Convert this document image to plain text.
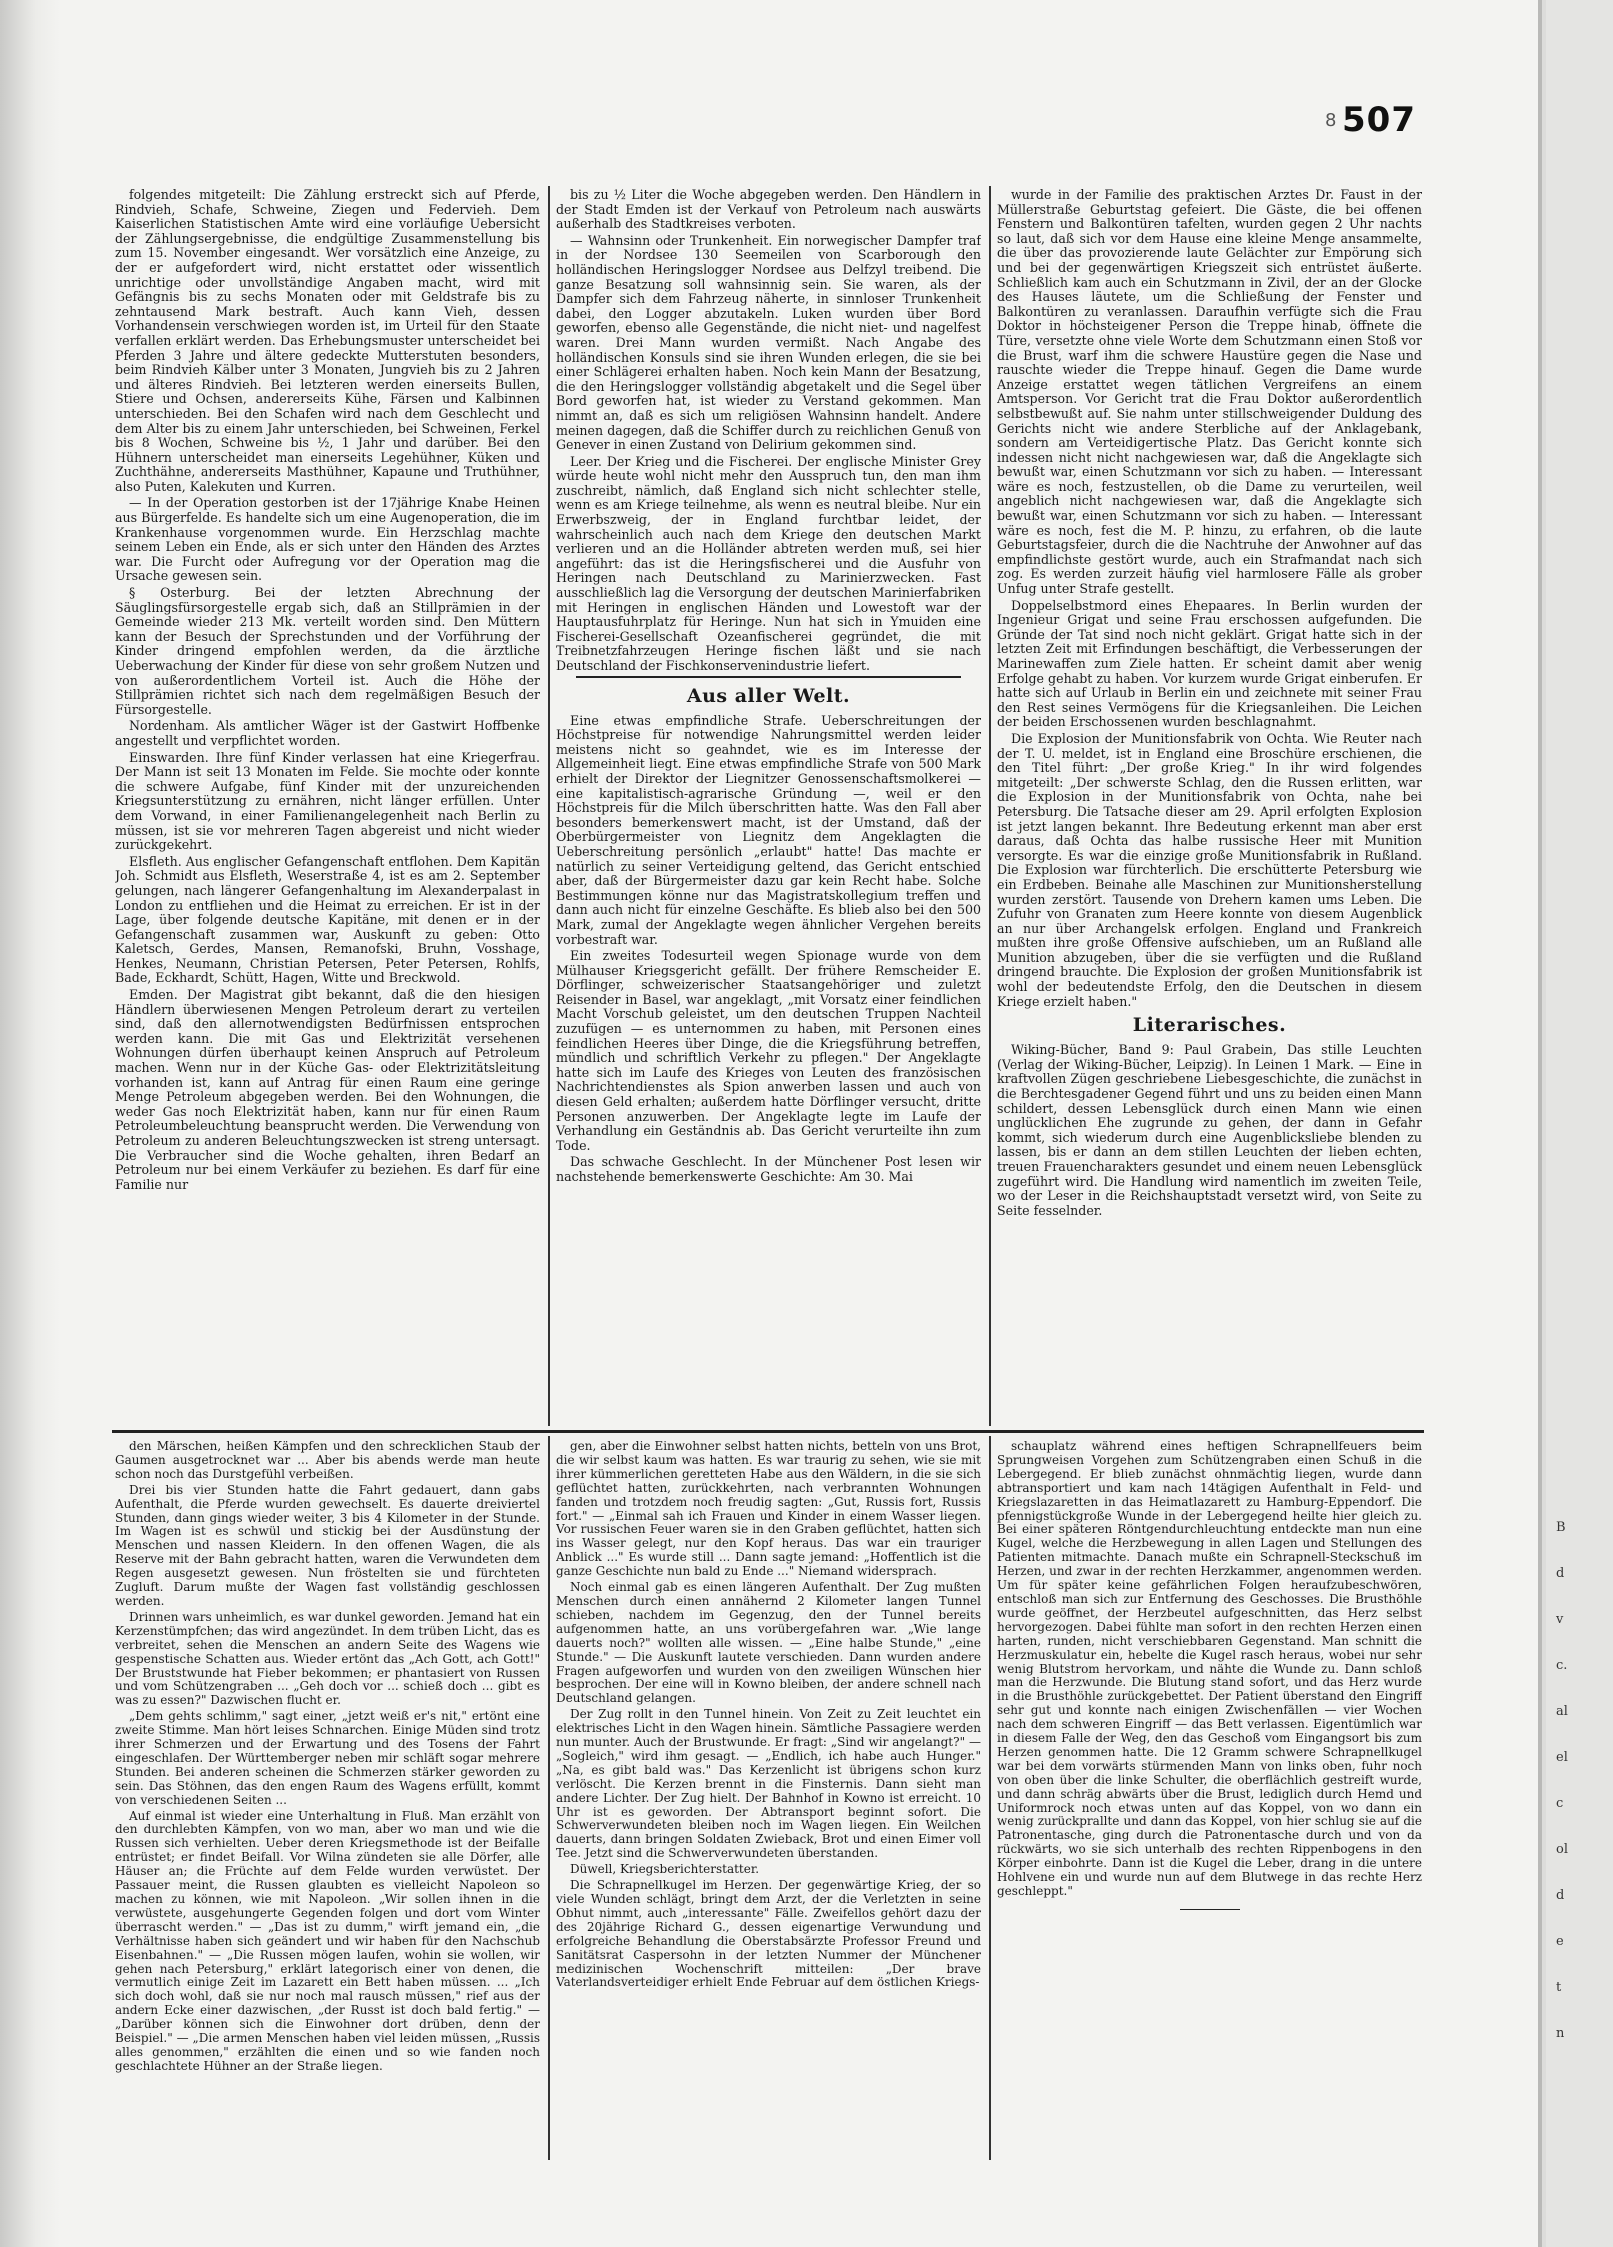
8 507

folgendes mitgeteilt: Die Zählung erstreckt sich auf Pferde, Rindvieh, Schafe, Schweine, Ziegen und Federvieh. Dem Kaiserlichen Statistischen Amte wird eine vorläufige Uebersicht der Zählungsergebnisse, die endgültige Zusammenstellung bis zum 15. November eingesandt. Wer vorsätzlich eine Anzeige, zu der er aufgefordert wird, nicht erstattet oder wissentlich unrichtige oder unvollständige Angaben macht, wird mit Gefängnis bis zu sechs Monaten oder mit Geldstrafe bis zu zehntausend Mark bestraft. Auch kann Vieh, dessen Vorhandensein verschwiegen worden ist, im Urteil für den Staate verfallen erklärt werden. Das Erhebungsmuster unterscheidet bei Pferden 3 Jahre und ältere gedeckte Mutterstuten besonders, beim Rindvieh Kälber unter 3 Monaten, Jungvieh bis zu 2 Jahren und älteres Rindvieh. Bei letzteren werden einerseits Bullen, Stiere und Ochsen, andererseits Kühe, Färsen und Kalbinnen unterschieden. Bei den Schafen wird nach dem Geschlecht und dem Alter bis zu einem Jahr unterschieden, bei Schweinen, Ferkel bis 8 Wochen, Schweine bis ½, 1 Jahr und darüber. Bei den Hühnern unterscheidet man einerseits Legehühner, Küken und Zuchthähne, andererseits Masthühner, Kapaune und Truthühner, also Puten, Kalekuten und Kurren.

— In der Operation gestorben ist der 17jährige Knabe Heinen aus Bürgerfelde. Es handelte sich um eine Augenoperation, die im Krankenhause vorgenommen wurde. Ein Herzschlag machte seinem Leben ein Ende, als er sich unter den Händen des Arztes war. Die Furcht oder Aufregung vor der Operation mag die Ursache gewesen sein.

§ Osterburg. Bei der letzten Abrechnung der Säuglingsfürsorgestelle ergab sich, daß an Stillprämien in der Gemeinde wieder 213 Mk. verteilt worden sind. Den Müttern kann der Besuch der Sprechstunden und der Vorführung der Kinder dringend empfohlen werden, da die ärztliche Ueberwachung der Kinder für diese von sehr großem Nutzen und von außerordentlichem Vorteil ist. Auch die Höhe der Stillprämien richtet sich nach dem regelmäßigen Besuch der Fürsorgestelle.

Nordenham. Als amtlicher Wäger ist der Gastwirt Hoffbenke angestellt und verpflichtet worden.

Einswarden. Ihre fünf Kinder verlassen hat eine Kriegerfrau. Der Mann ist seit 13 Monaten im Felde. Sie mochte oder konnte die schwere Aufgabe, fünf Kinder mit der unzureichenden Kriegsunterstützung zu ernähren, nicht länger erfüllen. Unter dem Vorwand, in einer Familienangelegenheit nach Berlin zu müssen, ist sie vor mehreren Tagen abgereist und nicht wieder zurückgekehrt.

Elsfleth. Aus englischer Gefangenschaft entflohen. Dem Kapitän Joh. Schmidt aus Elsfleth, Weserstraße 4, ist es am 2. September gelungen, nach längerer Gefangenhaltung im Alexanderpalast in London zu entfliehen und die Heimat zu erreichen. Er ist in der Lage, über folgende deutsche Kapitäne, mit denen er in der Gefangenschaft zusammen war, Auskunft zu geben: Otto Kaletsch, Gerdes, Mansen, Remanofski, Bruhn, Vosshage, Henkes, Neumann, Christian Petersen, Peter Petersen, Rohlfs, Bade, Eckhardt, Schütt, Hagen, Witte und Breckwold.

Emden. Der Magistrat gibt bekannt, daß die den hiesigen Händlern überwiesenen Mengen Petroleum derart zu verteilen sind, daß den allernotwendigsten Bedürfnissen entsprochen werden kann. Die mit Gas und Elektrizität versehenen Wohnungen dürfen überhaupt keinen Anspruch auf Petroleum machen. Wenn nur in der Küche Gas- oder Elektrizitätsleitung vorhanden ist, kann auf Antrag für einen Raum eine geringe Menge Petroleum abgegeben werden. Bei den Wohnungen, die weder Gas noch Elektrizität haben, kann nur für einen Raum Petroleumbeleuchtung beansprucht werden. Die Verwendung von Petroleum zu anderen Beleuchtungszwecken ist streng untersagt. Die Verbraucher sind die Woche gehalten, ihren Bedarf an Petroleum nur bei einem Verkäufer zu beziehen. Es darf für eine Familie nur

bis zu ½ Liter die Woche abgegeben werden. Den Händlern in der Stadt Emden ist der Verkauf von Petroleum nach auswärts außerhalb des Stadtkreises verboten.

— Wahnsinn oder Trunkenheit. Ein norwegischer Dampfer traf in der Nordsee 130 Seemeilen von Scarborough den holländischen Heringslogger Nordsee aus Delfzyl treibend. Die ganze Besatzung soll wahnsinnig sein. Sie waren, als der Dampfer sich dem Fahrzeug näherte, in sinnloser Trunkenheit dabei, den Logger abzutakeln. Luken wurden über Bord geworfen, ebenso alle Gegenstände, die nicht niet- und nagelfest waren. Drei Mann wurden vermißt. Nach Angabe des holländischen Konsuls sind sie ihren Wunden erlegen, die sie bei einer Schlägerei erhalten haben. Noch kein Mann der Besatzung, die den Heringslogger vollständig abgetakelt und die Segel über Bord geworfen hat, ist wieder zu Verstand gekommen. Man nimmt an, daß es sich um religiösen Wahnsinn handelt. Andere meinen dagegen, daß die Schiffer durch zu reichlichen Genuß von Genever in einen Zustand von Delirium gekommen sind.

Leer. Der Krieg und die Fischerei. Der englische Minister Grey würde heute wohl nicht mehr den Ausspruch tun, den man ihm zuschreibt, nämlich, daß England sich nicht schlechter stelle, wenn es am Kriege teilnehme, als wenn es neutral bleibe. Nur ein Erwerbszweig, der in England furchtbar leidet, der wahrscheinlich auch nach dem Kriege den deutschen Markt verlieren und an die Holländer abtreten werden muß, sei hier angeführt: das ist die Heringsfischerei und die Ausfuhr von Heringen nach Deutschland zu Marinierzwecken. Fast ausschließlich lag die Versorgung der deutschen Marinierfabriken mit Heringen in englischen Händen und Lowestoft war der Hauptausfuhrplatz für Heringe. Nun hat sich in Ymuiden eine Fischerei-Gesellschaft Ozeanfischerei gegründet, die mit Treibnetzfahrzeugen Heringe fischen läßt und sie nach Deutschland der Fischkonservenindustrie liefert.

Aus aller Welt.

Eine etwas empfindliche Strafe. Ueberschreitungen der Höchstpreise für notwendige Nahrungsmittel werden leider meistens nicht so geahndet, wie es im Interesse der Allgemeinheit liegt. Eine etwas empfindliche Strafe von 500 Mark erhielt der Direktor der Liegnitzer Genossenschaftsmolkerei — eine kapitalistisch-agrarische Gründung —, weil er den Höchstpreis für die Milch überschritten hatte. Was den Fall aber besonders bemerkenswert macht, ist der Umstand, daß der Oberbürgermeister von Liegnitz dem Angeklagten die Ueberschreitung persönlich „erlaubt" hatte! Das machte er natürlich zu seiner Verteidigung geltend, das Gericht entschied aber, daß der Bürgermeister dazu gar kein Recht habe. Solche Bestimmungen könne nur das Magistratskollegium treffen und dann auch nicht für einzelne Geschäfte. Es blieb also bei den 500 Mark, zumal der Angeklagte wegen ähnlicher Vergehen bereits vorbestraft war.

Ein zweites Todesurteil wegen Spionage wurde von dem Mülhauser Kriegsgericht gefällt. Der frühere Remscheider E. Dörflinger, schweizerischer Staatsangehöriger und zuletzt Reisender in Basel, war angeklagt, „mit Vorsatz einer feindlichen Macht Vorschub geleistet, um den deutschen Truppen Nachteil zuzufügen — es unternommen zu haben, mit Personen eines feindlichen Heeres über Dinge, die die Kriegsführung betreffen, mündlich und schriftlich Verkehr zu pflegen." Der Angeklagte hatte sich im Laufe des Krieges von Leuten des französischen Nachrichtendienstes als Spion anwerben lassen und auch von diesen Geld erhalten; außerdem hatte Dörflinger versucht, dritte Personen anzuwerben. Der Angeklagte legte im Laufe der Verhandlung ein Geständnis ab. Das Gericht verurteilte ihn zum Tode.

Das schwache Geschlecht. In der Münchener Post lesen wir nachstehende bemerkenswerte Geschichte: Am 30. Mai

wurde in der Familie des praktischen Arztes Dr. Faust in der Müllerstraße Geburtstag gefeiert. Die Gäste, die bei offenen Fenstern und Balkontüren tafelten, wurden gegen 2 Uhr nachts so laut, daß sich vor dem Hause eine kleine Menge ansammelte, die über das provozierende laute Gelächter zur Empörung sich und bei der gegenwärtigen Kriegszeit sich entrüstet äußerte. Schließlich kam auch ein Schutzmann in Zivil, der an der Glocke des Hauses läutete, um die Schließung der Fenster und Balkontüren zu veranlassen. Daraufhin verfügte sich die Frau Doktor in höchsteigener Person die Treppe hinab, öffnete die Türe, versetzte ohne viele Worte dem Schutzmann einen Stoß vor die Brust, warf ihm die schwere Haustüre gegen die Nase und rauschte wieder die Treppe hinauf. Gegen die Dame wurde Anzeige erstattet wegen tätlichen Vergreifens an einem Amtsperson. Vor Gericht trat die Frau Doktor außerordentlich selbstbewußt auf. Sie nahm unter stillschweigender Duldung des Gerichts nicht wie andere Sterbliche auf der Anklagebank, sondern am Verteidigertische Platz. Das Gericht konnte sich indessen nicht nicht nachgewiesen war, daß die Angeklagte sich bewußt war, einen Schutzmann vor sich zu haben. — Interessant wäre es noch, festzustellen, ob die Dame zu verurteilen, weil angeblich nicht nachgewiesen war, daß die Angeklagte sich bewußt war, einen Schutzmann vor sich zu haben. — Interessant wäre es noch, fest die M. P. hinzu, zu erfahren, ob die laute Geburtstagsfeier, durch die die Nachtruhe der Anwohner auf das empfindlichste gestört wurde, auch ein Strafmandat nach sich zog. Es werden zurzeit häufig viel harmlosere Fälle als grober Unfug unter Strafe gestellt.

Doppelselbstmord eines Ehepaares. In Berlin wurden der Ingenieur Grigat und seine Frau erschossen aufgefunden. Die Gründe der Tat sind noch nicht geklärt. Grigat hatte sich in der letzten Zeit mit Erfindungen beschäftigt, die Verbesserungen der Marinewaffen zum Ziele hatten. Er scheint damit aber wenig Erfolge gehabt zu haben. Vor kurzem wurde Grigat einberufen. Er hatte sich auf Urlaub in Berlin ein und zeichnete mit seiner Frau den Rest seines Vermögens für die Kriegsanleihen. Die Leichen der beiden Erschossenen wurden beschlagnahmt.

Die Explosion der Munitionsfabrik von Ochta. Wie Reuter nach der T. U. meldet, ist in England eine Broschüre erschienen, die den Titel führt: „Der große Krieg." In ihr wird folgendes mitgeteilt: „Der schwerste Schlag, den die Russen erlitten, war die Explosion in der Munitionsfabrik von Ochta, nahe bei Petersburg. Die Tatsache dieser am 29. April erfolgten Explosion ist jetzt langen bekannt. Ihre Bedeutung erkennt man aber erst daraus, daß Ochta das halbe russische Heer mit Munition versorgte. Es war die einzige große Munitionsfabrik in Rußland. Die Explosion war fürchterlich. Die erschütterte Petersburg wie ein Erdbeben. Beinahe alle Maschinen zur Munitionsherstellung wurden zerstört. Tausende von Drehern kamen ums Leben. Die Zufuhr von Granaten zum Heere konnte von diesem Augenblick an nur über Archangelsk erfolgen. England und Frankreich mußten ihre große Offensive aufschieben, um an Rußland alle Munition abzugeben, über die sie verfügten und die Rußland dringend brauchte. Die Explosion der großen Munitionsfabrik ist wohl der bedeutendste Erfolg, den die Deutschen in diesem Kriege erzielt haben."

Literarisches.

Wiking-Bücher, Band 9: Paul Grabein, Das stille Leuchten (Verlag der Wiking-Bücher, Leipzig). In Leinen 1 Mark. — Eine in kraftvollen Zügen geschriebene Liebesgeschichte, die zunächst in die Berchtesgadener Gegend führt und uns zu beiden einen Mann schildert, dessen Lebensglück durch einen Mann wie einen unglücklichen Ehe zugrunde zu gehen, der dann in Gefahr kommt, sich wiederum durch eine Augenblicksliebe blenden zu lassen, bis er dann an dem stillen Leuchten der lieben echten, treuen Frauencharakters gesundet und einem neuen Lebensglück zugeführt wird. Die Handlung wird namentlich im zweiten Teile, wo der Leser in die Reichshauptstadt versetzt wird, von Seite zu Seite fesselnder.

den Märschen, heißen Kämpfen und den schrecklichen Staub der Gaumen ausgetrocknet war ... Aber bis abends werde man heute schon noch das Durstgefühl verbeißen.

Drei bis vier Stunden hatte die Fahrt gedauert, dann gabs Aufenthalt, die Pferde wurden gewechselt. Es dauerte dreiviertel Stunden, dann gings wieder weiter, 3 bis 4 Kilometer in der Stunde. Im Wagen ist es schwül und stickig bei der Ausdünstung der Menschen und nassen Kleidern. In den offenen Wagen, die als Reserve mit der Bahn gebracht hatten, waren die Verwundeten dem Regen ausgesetzt gewesen. Nun fröstelten sie und fürchteten Zugluft. Darum mußte der Wagen fast vollständig geschlossen werden.

Drinnen wars unheimlich, es war dunkel geworden. Jemand hat ein Kerzenstümpfchen; das wird angezündet. In dem trüben Licht, das es verbreitet, sehen die Menschen an andern Seite des Wagens wie gespenstische Schatten aus. Wieder ertönt das „Ach Gott, ach Gott!" Der Bruststwunde hat Fieber bekommen; er phantasiert von Russen und vom Schützengraben ... „Geh doch vor ... schieß doch ... gibt es was zu essen?" Dazwischen flucht er.

„Dem gehts schlimm," sagt einer, „jetzt weiß er's nit," ertönt eine zweite Stimme. Man hört leises Schnarchen. Einige Müden sind trotz ihrer Schmerzen und der Erwartung und des Tosens der Fahrt eingeschlafen. Der Württemberger neben mir schläft sogar mehrere Stunden. Bei anderen scheinen die Schmerzen stärker geworden zu sein. Das Stöhnen, das den engen Raum des Wagens erfüllt, kommt von verschiedenen Seiten ...

Auf einmal ist wieder eine Unterhaltung in Fluß. Man erzählt von den durchlebten Kämpfen, von wo man, aber wo man und wie die Russen sich verhielten. Ueber deren Kriegsmethode ist der Beifalle entrüstet; er findet Beifall. Vor Wilna zündeten sie alle Dörfer, alle Häuser an; die Früchte auf dem Felde wurden verwüstet. Der Passauer meint, die Russen glaubten es vielleicht Napoleon so machen zu können, wie mit Napoleon. „Wir sollen ihnen in die verwüstete, ausgehungerte Gegenden folgen und dort vom Winter überrascht werden." — „Das ist zu dumm," wirft jemand ein, „die Verhältnisse haben sich geändert und wir haben für den Nachschub Eisenbahnen." — „Die Russen mögen laufen, wohin sie wollen, wir gehen nach Petersburg," erklärt lategorisch einer von denen, die vermutlich einige Zeit im Lazarett ein Bett haben müssen. ... „Ich sich doch wohl, daß sie nur noch mal rausch müssen," rief aus der andern Ecke einer dazwischen, „der Russt ist doch bald fertig." — „Darüber können sich die Einwohner dort drüben, denn der Beispiel." — „Die armen Menschen haben viel leiden müssen, „Russis alles genommen," erzählten die einen und so wie fanden noch geschlachtete Hühner an der Straße liegen.

gen, aber die Einwohner selbst hatten nichts, betteln von uns Brot, die wir selbst kaum was hatten. Es war traurig zu sehen, wie sie mit ihrer kümmerlichen geretteten Habe aus den Wäldern, in die sie sich geflüchtet hatten, zurückkehrten, nach verbrannten Wohnungen fanden und trotzdem noch freudig sagten: „Gut, Russis fort, Russis fort." — „Einmal sah ich Frauen und Kinder in einem Wasser liegen. Vor russischen Feuer waren sie in den Graben geflüchtet, hatten sich ins Wasser gelegt, nur den Kopf heraus. Das war ein trauriger Anblick ..." Es wurde still ... Dann sagte jemand: „Hoffentlich ist die ganze Geschichte nun bald zu Ende ..." Niemand widersprach.

Noch einmal gab es einen längeren Aufenthalt. Der Zug mußten Menschen durch einen annähernd 2 Kilometer langen Tunnel schieben, nachdem im Gegenzug, den der Tunnel bereits aufgenommen hatte, an uns vorübergefahren war. „Wie lange dauerts noch?" wollten alle wissen. — „Eine halbe Stunde," „eine Stunde." — Die Auskunft lautete verschieden. Dann wurden andere Fragen aufgeworfen und wurden von den zweiligen Wünschen hier besprochen. Der eine will in Kowno bleiben, der andere schnell nach Deutschland gelangen.

Der Zug rollt in den Tunnel hinein. Von Zeit zu Zeit leuchtet ein elektrisches Licht in den Wagen hinein. Sämtliche Passagiere werden nun munter. Auch der Brustwunde. Er fragt: „Sind wir angelangt?" — „Sogleich," wird ihm gesagt. — „Endlich, ich habe auch Hunger." „Na, es gibt bald was." Das Kerzenlicht ist übrigens schon kurz verlöscht. Die Kerzen brennt in die Finsternis. Dann sieht man andere Lichter. Der Zug hielt. Der Bahnhof in Kowno ist erreicht. 10 Uhr ist es geworden. Der Abtransport beginnt sofort. Die Schwerverwundeten bleiben noch im Wagen liegen. Ein Weilchen dauerts, dann bringen Soldaten Zwieback, Brot und einen Eimer voll Tee. Jetzt sind die Schwerverwundeten überstanden.

Düwell, Kriegsberichterstatter.

Die Schrapnellkugel im Herzen. Der gegenwärtige Krieg, der so viele Wunden schlägt, bringt dem Arzt, der die Verletzten in seine Obhut nimmt, auch „interessante" Fälle. Zweifellos gehört dazu der des 20jährige Richard G., dessen eigenartige Verwundung und erfolgreiche Behandlung die Oberstabsärzte Professor Freund und Sanitätsrat Caspersohn in der letzten Nummer der Münchener medizinischen Wochenschrift mitteilen: „Der brave Vaterlandsverteidiger erhielt Ende Februar auf dem östlichen Kriegs-

schauplatz während eines heftigen Schrapnellfeuers beim Sprungweisen Vorgehen zum Schützengraben einen Schuß in die Lebergegend. Er blieb zunächst ohnmächtig liegen, wurde dann abtransportiert und kam nach 14tägigen Aufenthalt in Feld- und Kriegslazaretten in das Heimatlazarett zu Hamburg-Eppendorf. Die pfennigstückgroße Wunde in der Lebergegend heilte hier gleich zu. Bei einer späteren Röntgendurchleuchtung entdeckte man nun eine Kugel, welche die Herzbewegung in allen Lagen und Stellungen des Patienten mitmachte. Danach mußte ein Schrapnell-Steckschuß im Herzen, und zwar in der rechten Herzkammer, angenommen werden. Um für später keine gefährlichen Folgen heraufzubeschwören, entschloß man sich zur Entfernung des Geschosses. Die Brusthöhle wurde geöffnet, der Herzbeutel aufgeschnitten, das Herz selbst hervorgezogen. Dabei fühlte man sofort in den rechten Herzen einen harten, runden, nicht verschiebbaren Gegenstand. Man schnitt die Herzmuskulatur ein, hebelte die Kugel rasch heraus, wobei nur sehr wenig Blutstrom hervorkam, und nähte die Wunde zu. Dann schloß man die Herzwunde. Die Blutung stand sofort, und das Herz wurde in die Brusthöhle zurückgebettet. Der Patient überstand den Eingriff sehr gut und konnte nach einigen Zwischenfällen — vier Wochen nach dem schweren Eingriff — das Bett verlassen. Eigentümlich war in diesem Falle der Weg, den das Geschoß vom Eingangsort bis zum Herzen genommen hatte. Die 12 Gramm schwere Schrapnellkugel war bei dem vorwärts stürmenden Mann von links oben, fuhr noch von oben über die linke Schulter, die oberflächlich gestreift wurde, und dann schräg abwärts über die Brust, lediglich durch Hemd und Uniformrock noch etwas unten auf das Koppel, von wo dann ein wenig zurückprallte und dann das Koppel, von hier schlug sie auf die Patronentasche, ging durch die Patronentasche durch und von da rückwärts, wo sie sich unterhalb des rechten Rippenbogens in den Körper einbohrte. Dann ist die Kugel die Leber, drang in die untere Hohlvene ein und wurde nun auf dem Blutwege in das rechte Herz geschleppt."

B
d
v
c.
al
el
c
ol
d
e
t
n
